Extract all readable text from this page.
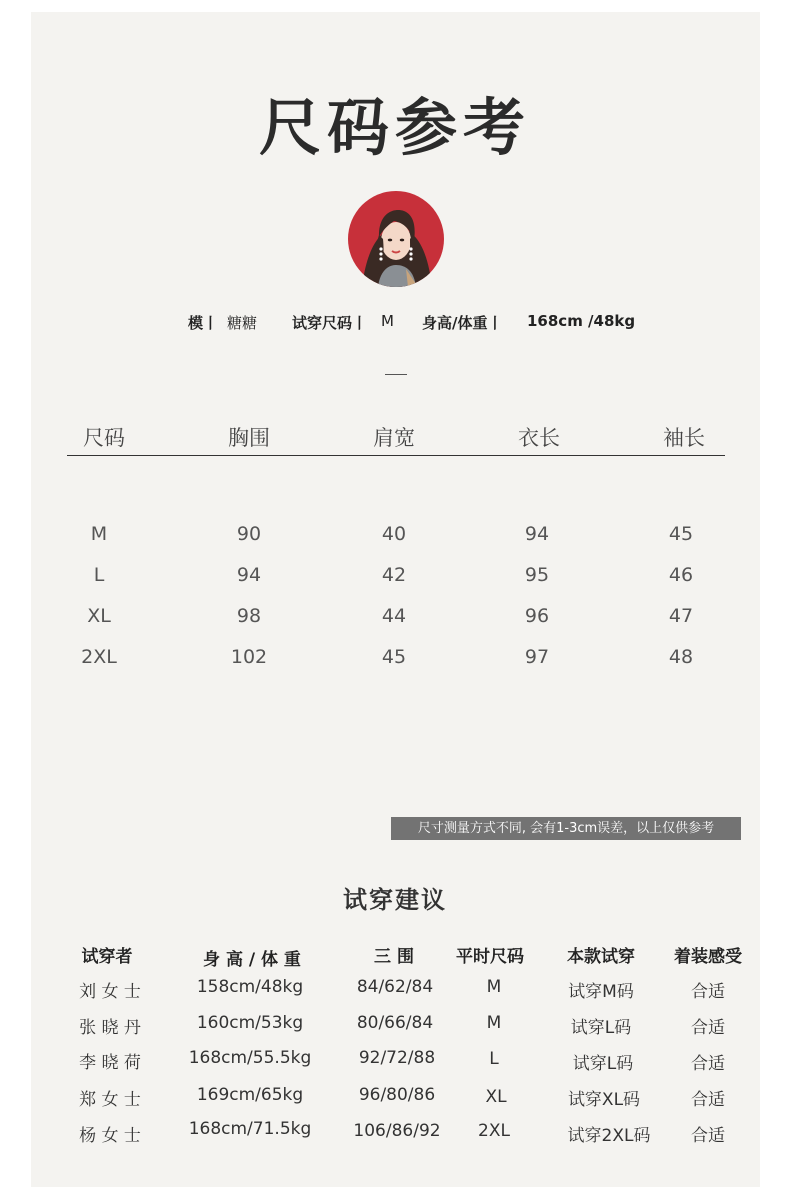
尺码参考
模丨 糖糖 试穿尺码丨 M 身高/体重丨 168cm /48kg
尺码	胸围	肩宽	衣长	袖长
M	90	40	94	45
L	94	42	95	46
XL	98	44	96	47
2XL	102	45	97	48
尺寸测量方式不同, 会有1-3cm误差，以上仅供参考
试穿建议
试穿者	身 高 / 体 重	三 围	平时尺码	本款试穿	着装感受
刘 女 士	158cm/48kg	84/62/84	M	试穿M码	合适
张 晓 丹	160cm/53kg	80/66/84	M	试穿L码	合适
李 晓 荷	168cm/55.5kg	92/72/88	L	试穿L码	合适
郑 女 士	169cm/65kg	96/80/86	XL	试穿XL码	合适
杨 女 士	168cm/71.5kg	106/86/92	2XL	试穿2XL码	合适
